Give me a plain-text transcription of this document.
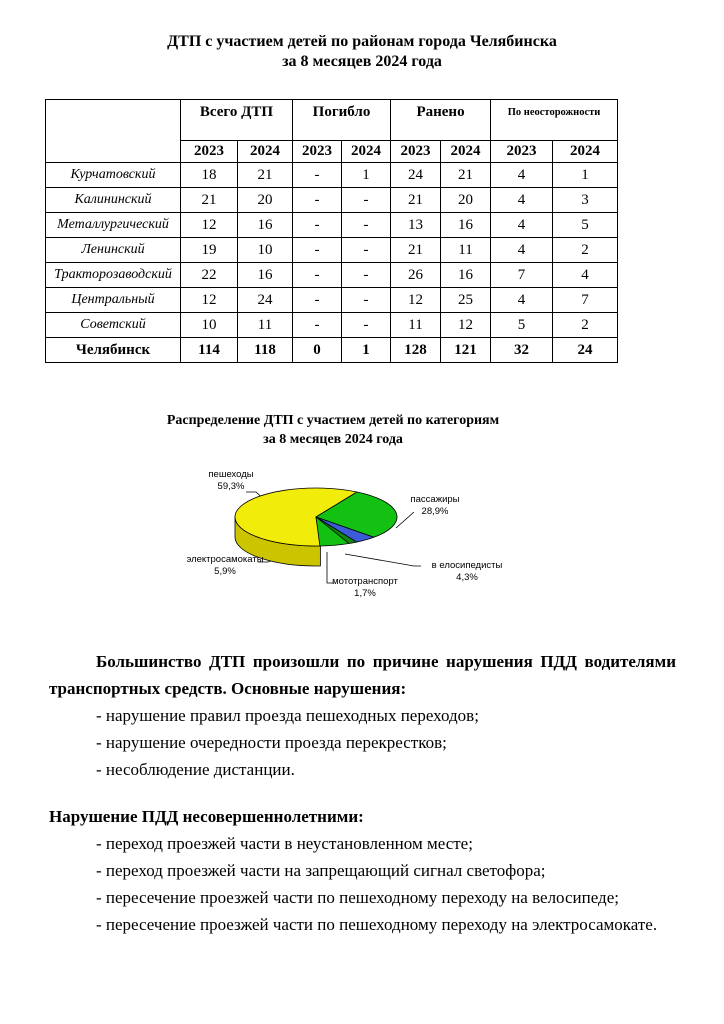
ДТП с участием детей по районам города Челябинска
за 8 месяцев 2024 года
	Всего ДТП		Погибло		Ранено		По неосторожности	
	2023	2024	2023	2024	2023	2024	2023	2024
Курчатовский	18	21	-	1	24	21	4	1
Калининский	21	20	-	-	21	20	4	3
Металлургический	12	16	-	-	13	16	4	5
Ленинский	19	10	-	-	21	11	4	2
Тракторозаводский	22	16	-	-	26	16	7	4
Центральный	12	24	-	-	12	25	4	7
Советский	10	11	-	-	11	12	5	2
Челябинск	114	118	0	1	128	121	32	24
Распределение ДТП с участием детей по категориям
за 8 месяцев 2024 года
пешеходы
59,3%
пассажиры
28,9%
в елосипедисты
4,3%
мототранспорт
1,7%
электросамокаты
5,9%

Большинство ДТП произошли по причине нарушения ПДД водителями транспортных средств. Основные нарушения:

- нарушение правил проезда пешеходных переходов;

- нарушение очередности проезда перекрестков;

- несоблюдение дистанции.

Нарушение ПДД несовершеннолетними:

- переход проезжей части в неустановленном месте;

- переход проезжей части на запрещающий сигнал светофора;

- пересечение проезжей части по пешеходному переходу на велосипеде;

- пересечение проезжей части по пешеходному переходу на электросамокате.
